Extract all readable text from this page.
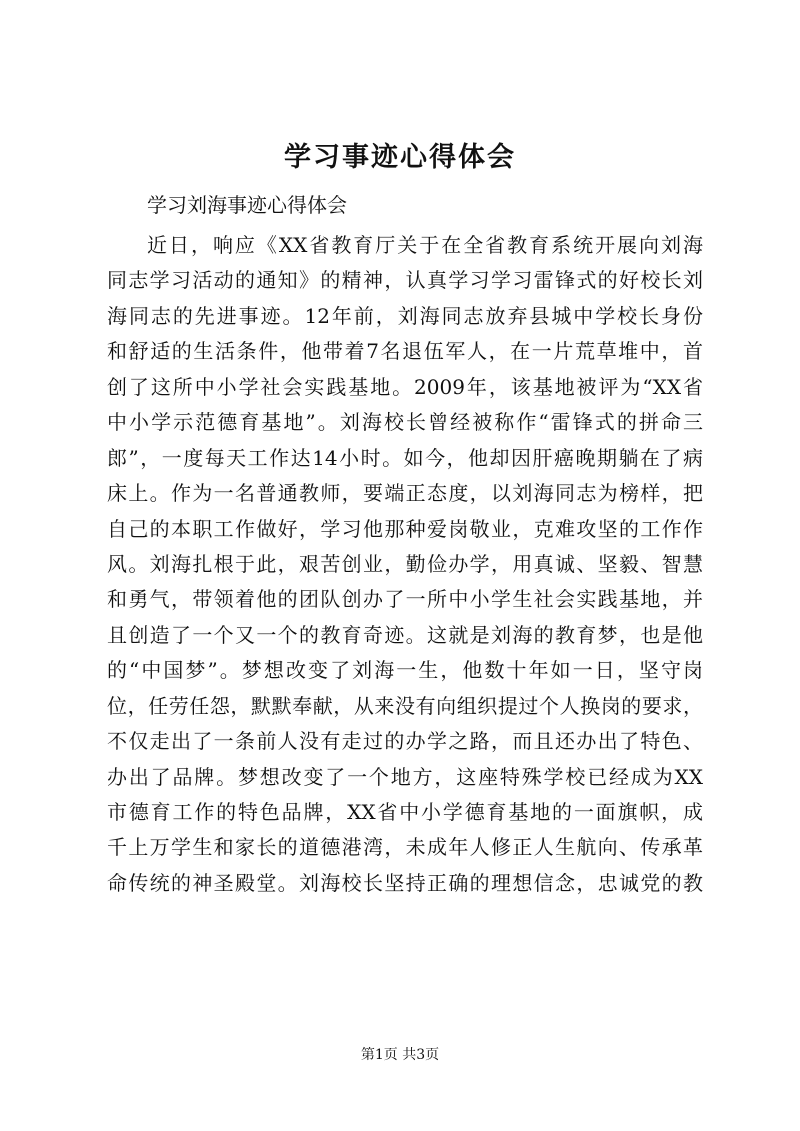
学习事迹心得体会
学习刘海事迹心得体会
近日，响应《XX省教育厅关于在全省教育系统开展向刘海
同志学习活动的通知》的精神，认真学习学习雷锋式的好校长刘
海同志的先进事迹。12年前，刘海同志放弃县城中学校长身份
和舒适的生活条件，他带着7名退伍军人，在一片荒草堆中，首
创了这所中小学社会实践基地。2009年，该基地被评为“XX省
中小学示范德育基地”。刘海校长曾经被称作“雷锋式的拼命三
郎”，一度每天工作达14小时。如今，他却因肝癌晚期躺在了病
床上。作为一名普通教师，要端正态度，以刘海同志为榜样，把
自己的本职工作做好，学习他那种爱岗敬业，克难攻坚的工作作
风。刘海扎根于此，艰苦创业，勤俭办学，用真诚、坚毅、智慧
和勇气，带领着他的团队创办了一所中小学生社会实践基地，并
且创造了一个又一个的教育奇迹。这就是刘海的教育梦，也是他
的“中国梦”。梦想改变了刘海一生，他数十年如一日，坚守岗
位，任劳任怨，默默奉献，从来没有向组织提过个人换岗的要求，
不仅走出了一条前人没有走过的办学之路，而且还办出了特色、
办出了品牌。梦想改变了一个地方，这座特殊学校已经成为XX
市德育工作的特色品牌，XX省中小学德育基地的一面旗帜，成
千上万学生和家长的道德港湾，未成年人修正人生航向、传承革
命传统的神圣殿堂。刘海校长坚持正确的理想信念，忠诚党的教
第1页 共3页
